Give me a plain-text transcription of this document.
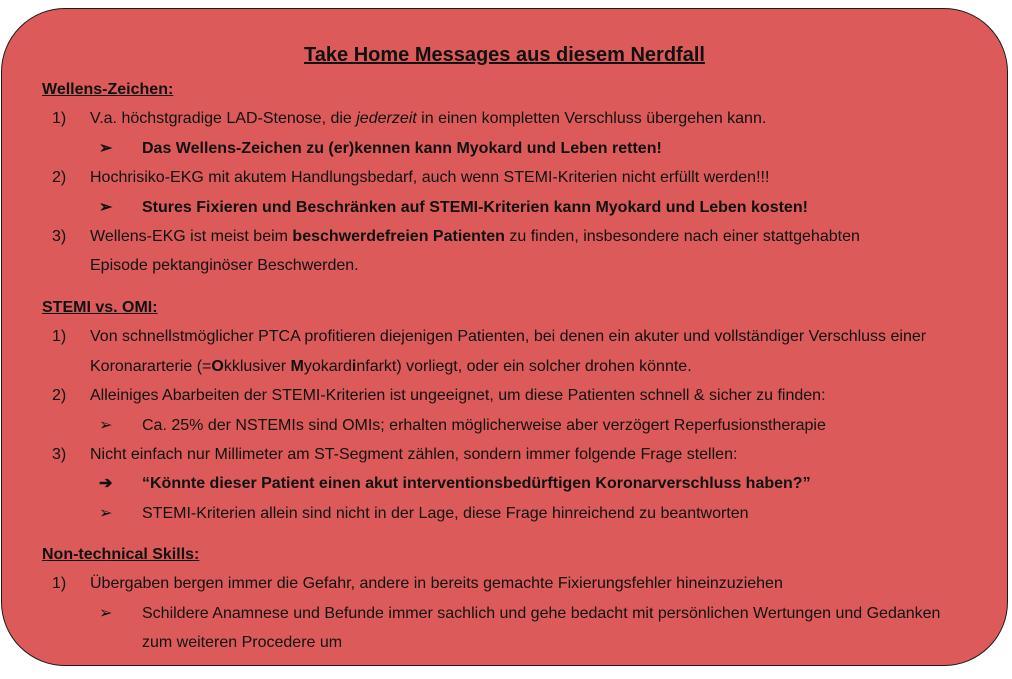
Take Home Messages aus diesem Nerdfall
Wellens-Zeichen:
1) V.a. höchstgradige LAD-Stenose, die jederzeit in einen kompletten Verschluss übergehen kann.
➢ Das Wellens-Zeichen zu (er)kennen kann Myokard und Leben retten!
2) Hochrisiko-EKG mit akutem Handlungsbedarf, auch wenn STEMI-Kriterien nicht erfüllt werden!!!
➢ Stures Fixieren und Beschränken auf STEMI-Kriterien kann Myokard und Leben kosten!
3) Wellens-EKG ist meist beim beschwerdefreien Patienten zu finden, insbesondere nach einer stattgehabten Episode pektanginöser Beschwerden.
STEMI vs. OMI:
1) Von schnellstmöglicher PTCA profitieren diejenigen Patienten, bei denen ein akuter und vollständiger Verschluss einer Koronararterie (=Okklusiver Myokardinfarkt) vorliegt, oder ein solcher drohen könnte.
2) Alleiniges Abarbeiten der STEMI-Kriterien ist ungeeignet, um diese Patienten schnell & sicher zu finden:
➢ Ca. 25% der NSTEMIs sind OMIs; erhalten möglicherweise aber verzögert Reperfusionstherapie
3) Nicht einfach nur Millimeter am ST-Segment zählen, sondern immer folgende Frage stellen:
➔ “Könnte dieser Patient einen akut interventionsbedürftigen Koronarverschluss haben?”
➢ STEMI-Kriterien allein sind nicht in der Lage, diese Frage hinreichend zu beantworten
Non-technical Skills:
1) Übergaben bergen immer die Gefahr, andere in bereits gemachte Fixierungsfehler hineinzuziehen
➢ Schildere Anamnese und Befunde immer sachlich und gehe bedacht mit persönlichen Wertungen und Gedanken zum weiteren Procedere um
